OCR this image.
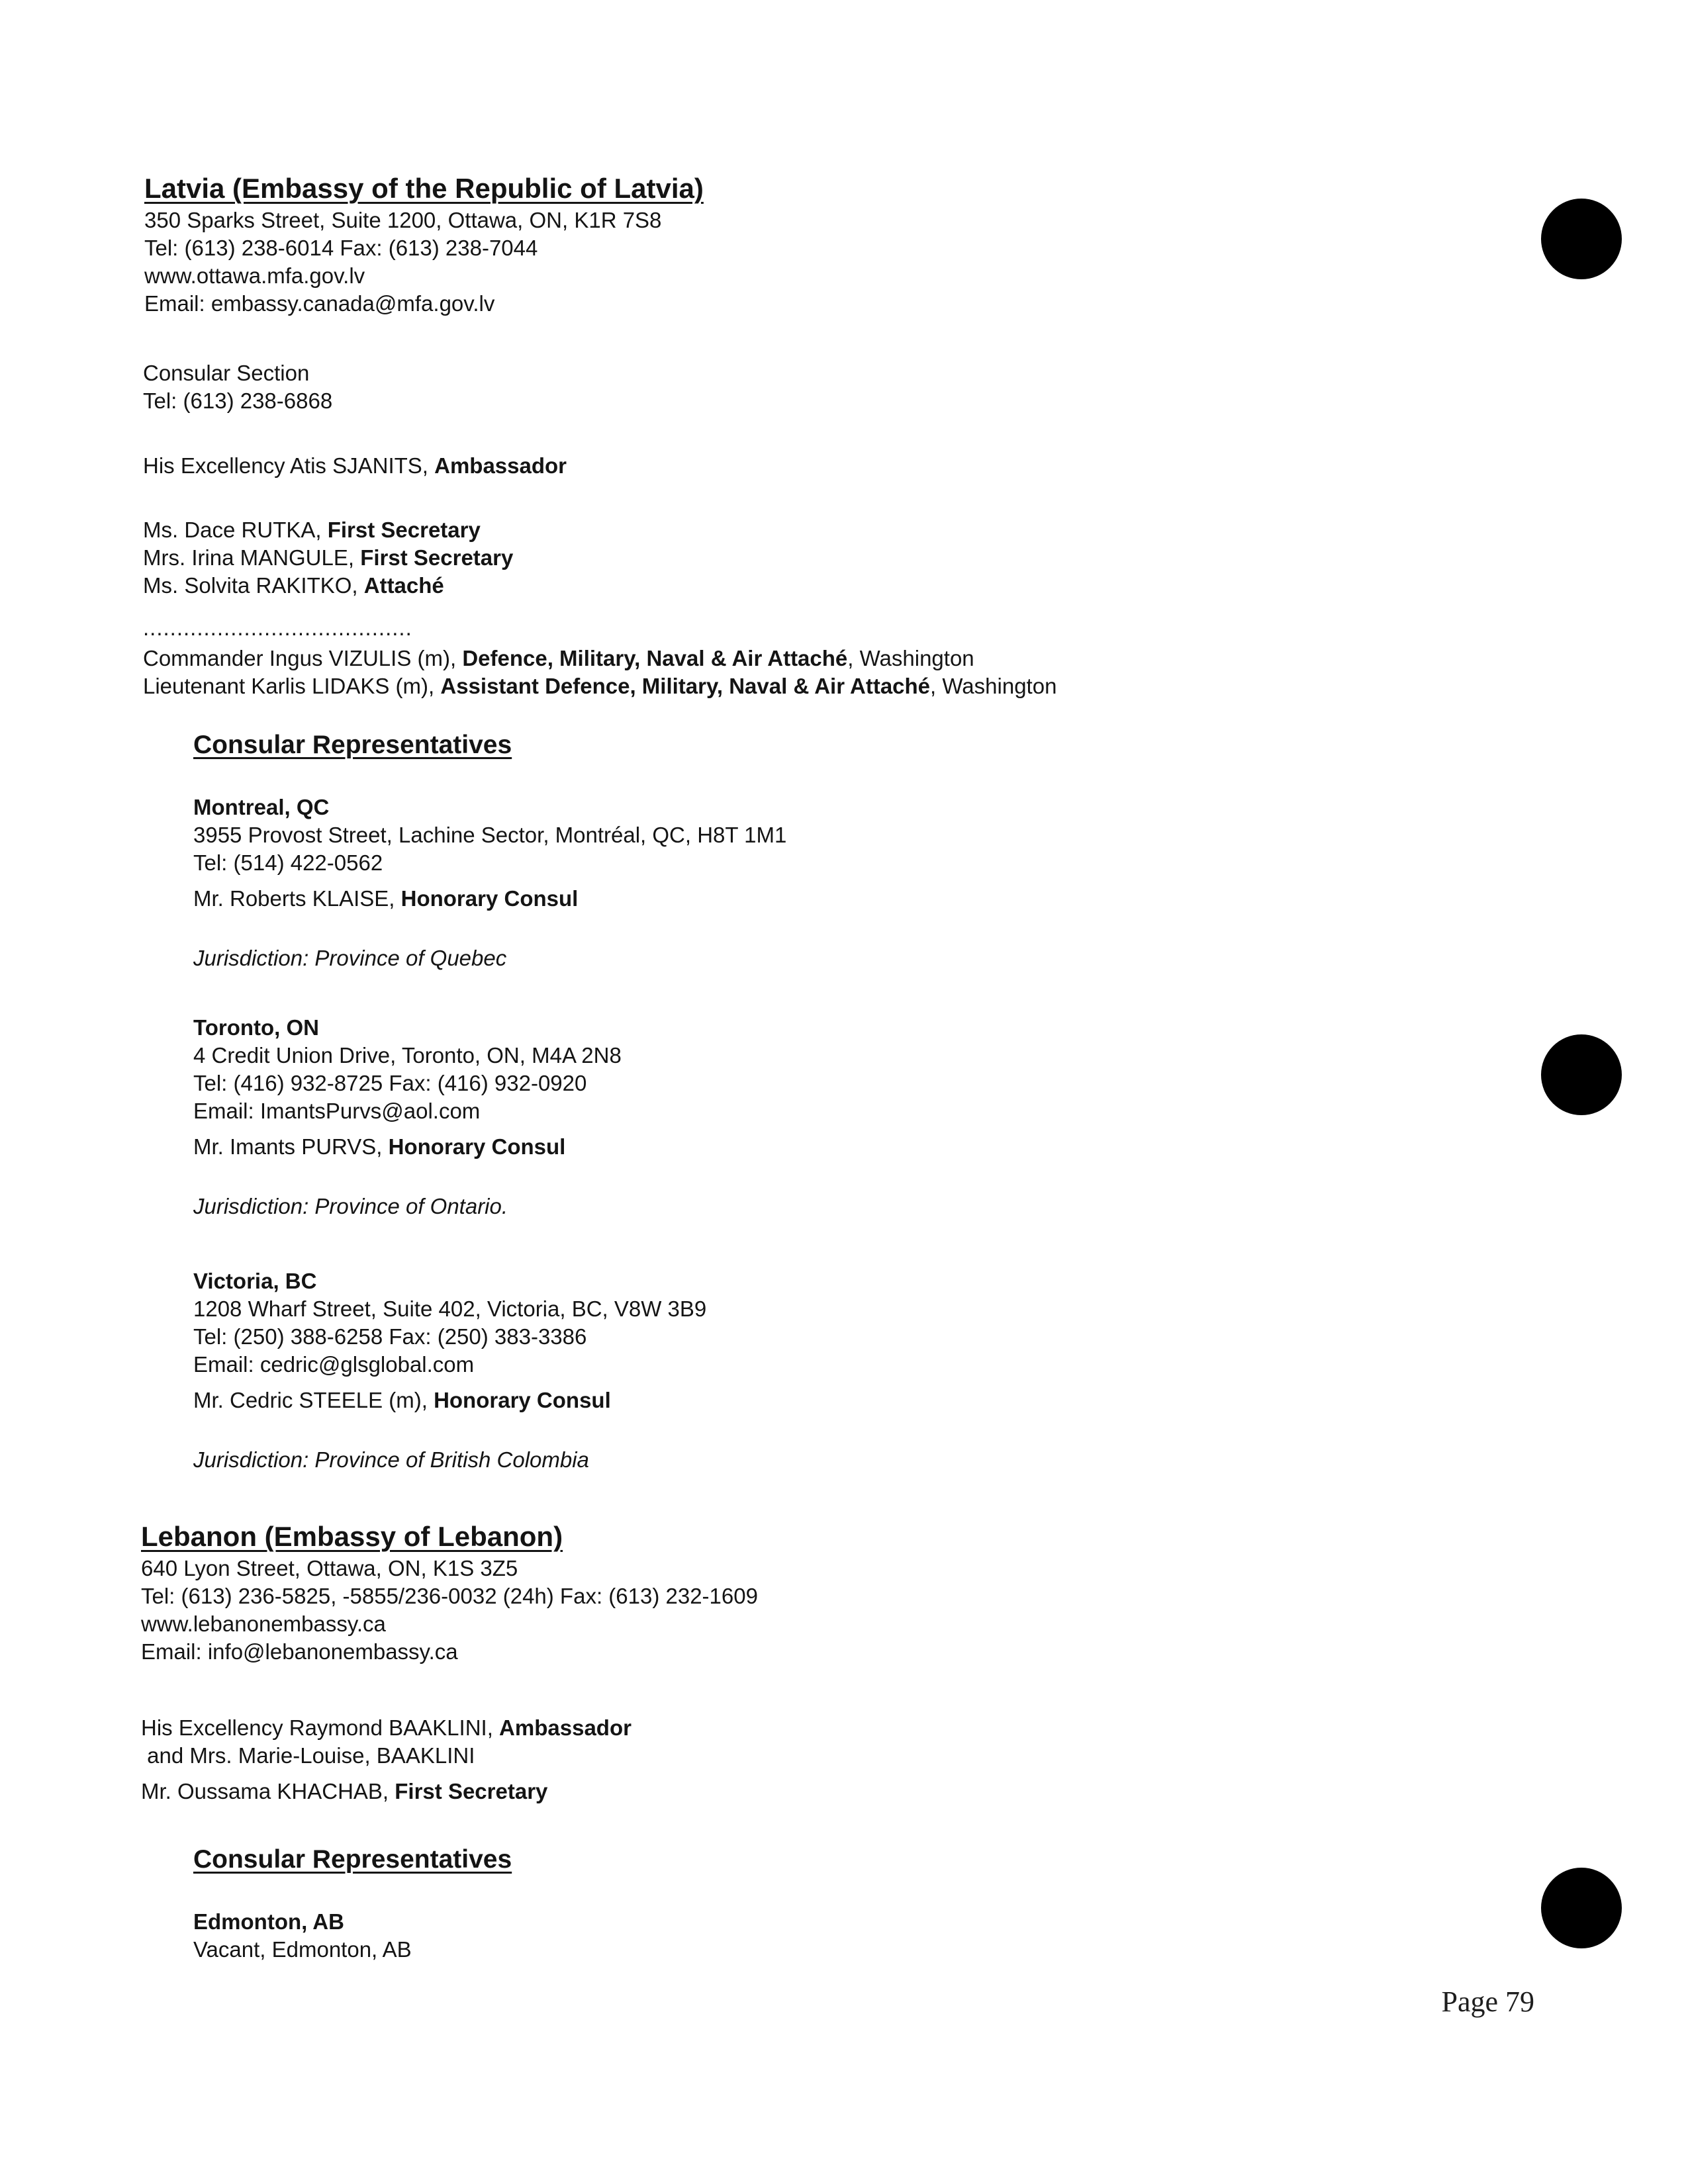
Latvia (Embassy of the Republic of Latvia)
350 Sparks Street, Suite 1200, Ottawa, ON, K1R 7S8
Tel: (613) 238-6014 Fax: (613) 238-7044
www.ottawa.mfa.gov.lv
Email: embassy.canada@mfa.gov.lv
Consular Section
Tel: (613) 238-6868
His Excellency Atis SJANITS, Ambassador
Ms. Dace RUTKA, First Secretary
Mrs. Irina MANGULE, First Secretary
Ms. Solvita RAKITKO, Attaché
........................................
Commander Ingus VIZULIS (m), Defence, Military, Naval & Air Attaché, Washington
Lieutenant Karlis LIDAKS (m), Assistant Defence, Military, Naval & Air Attaché, Washington
Consular Representatives
Montreal, QC
3955 Provost Street, Lachine Sector, Montréal, QC, H8T 1M1
Tel: (514) 422-0562
Mr. Roberts KLAISE, Honorary Consul
Jurisdiction: Province of Quebec
Toronto, ON
4 Credit Union Drive, Toronto, ON, M4A 2N8
Tel: (416) 932-8725 Fax: (416) 932-0920
Email: ImantsPurvs@aol.com
Mr. Imants PURVS, Honorary Consul
Jurisdiction: Province of Ontario.
Victoria, BC
1208 Wharf Street, Suite 402, Victoria, BC, V8W 3B9
Tel: (250) 388-6258 Fax: (250) 383-3386
Email: cedric@glsglobal.com
Mr. Cedric STEELE (m), Honorary Consul
Jurisdiction: Province of British Colombia
Lebanon (Embassy of Lebanon)
640 Lyon Street, Ottawa, ON, K1S 3Z5
Tel: (613) 236-5825, -5855/236-0032 (24h) Fax: (613) 232-1609
www.lebanonembassy.ca
Email: info@lebanonembassy.ca
His Excellency Raymond BAAKLINI, Ambassador
and Mrs. Marie-Louise, BAAKLINI
Mr. Oussama KHACHAB, First Secretary
Consular Representatives
Edmonton, AB
Vacant, Edmonton, AB
Page 79
